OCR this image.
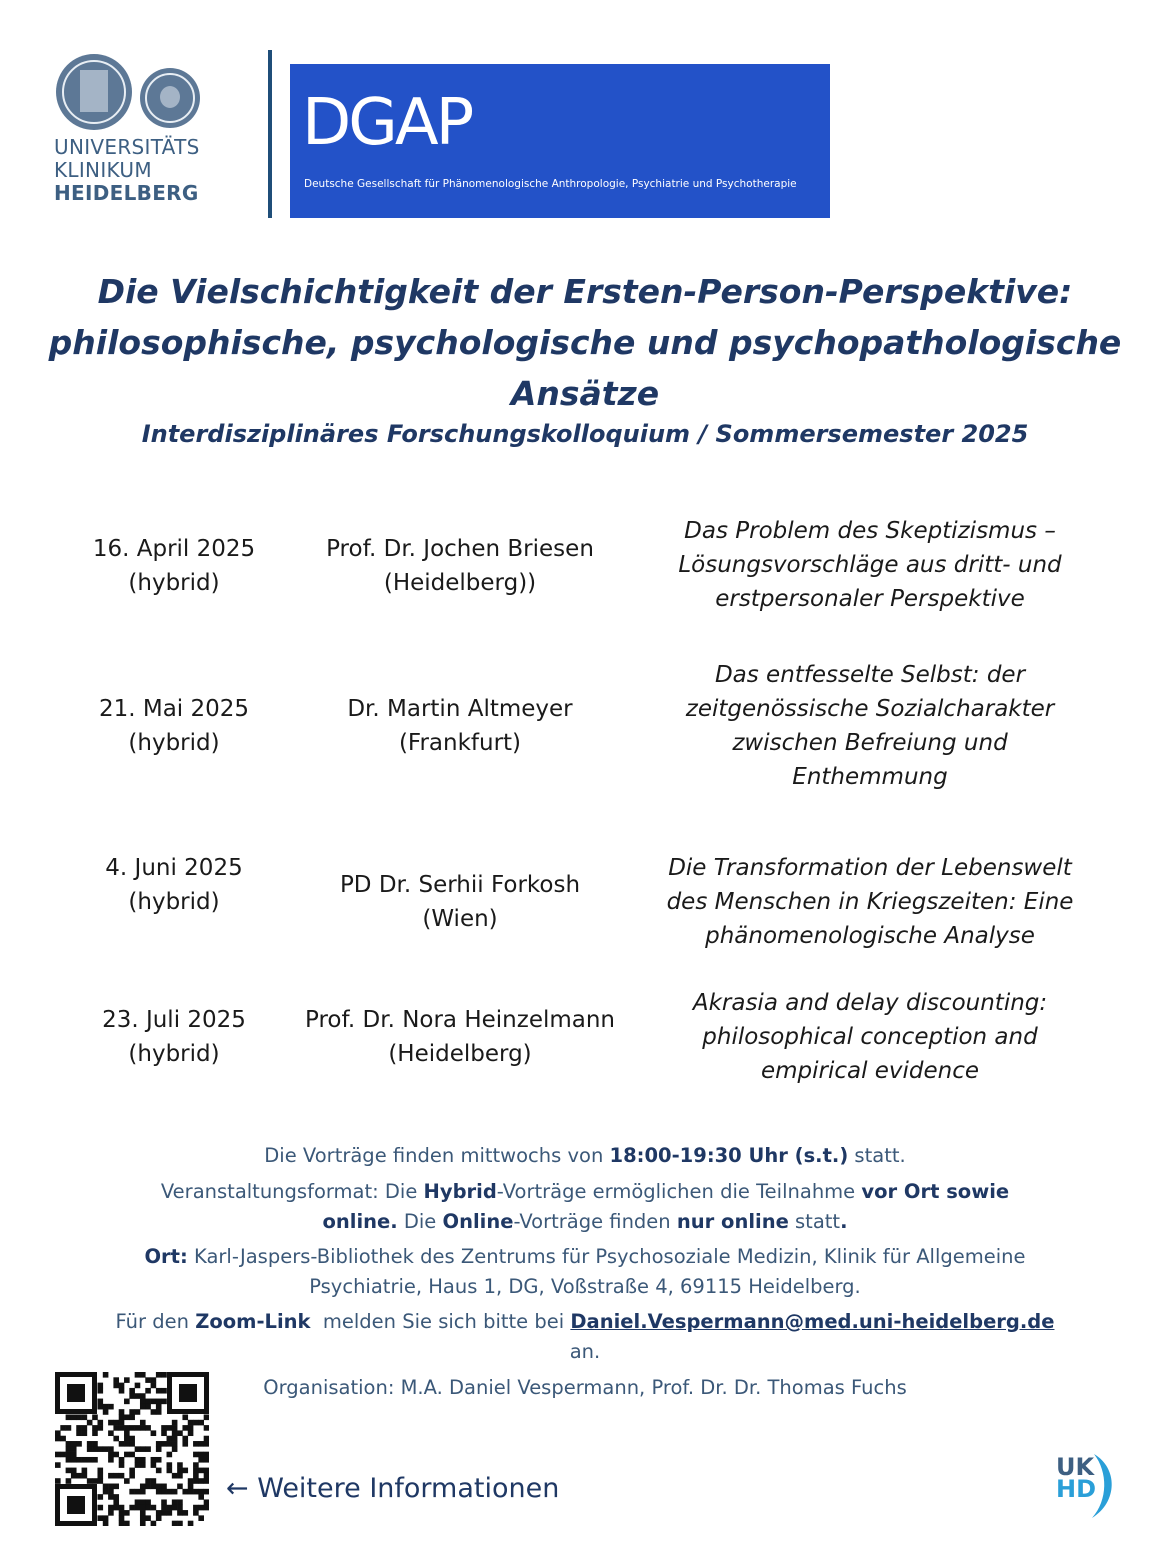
UNIVERSITÄTS
KLINIKUM
HEIDELBERG
DGAP
Deutsche Gesellschaft für Phänomenologische Anthropologie, Psychiatrie und Psychotherapie
Die Vielschichtigkeit der Ersten-Person-Perspektive:
philosophische, psychologische und psychopathologische
Ansätze
Interdisziplinäres Forschungskolloquium / Sommersemester 2025
16. April 2025
(hybrid)
Prof. Dr. Jochen Briesen
(Heidelberg))
Das Problem des Skeptizismus –
Lösungsvorschläge aus dritt- und
erstpersonaler Perspektive
21. Mai 2025
(hybrid)
Dr. Martin Altmeyer
(Frankfurt)
Das entfesselte Selbst: der
zeitgenössische Sozialcharakter
zwischen Befreiung und
Enthemmung
4. Juni 2025
(hybrid)
PD Dr. Serhii Forkosh
(Wien)
Die Transformation der Lebenswelt
des Menschen in Kriegszeiten: Eine
phänomenologische Analyse
23. Juli 2025
(hybrid)
Prof. Dr. Nora Heinzelmann
(Heidelberg)
Akrasia and delay discounting:
philosophical conception and
empirical evidence
Die Vorträge finden mittwochs von 18:00-19:30 Uhr (s.t.) statt.
Veranstaltungsformat: Die Hybrid-Vorträge ermöglichen die Teilnahme vor Ort sowie
online. Die Online-Vorträge finden nur online statt.
Ort: Karl-Jaspers-Bibliothek des Zentrums für Psychosoziale Medizin, Klinik für Allgemeine
Psychiatrie, Haus 1, DG, Voßstraße 4, 69115 Heidelberg.
Für den Zoom-Link  melden Sie sich bitte bei Daniel.Vespermann@med.uni-heidelberg.de
an.
Organisation: M.A. Daniel Vespermann, Prof. Dr. Dr. Thomas Fuchs
← Weitere Informationen
UK
HD
